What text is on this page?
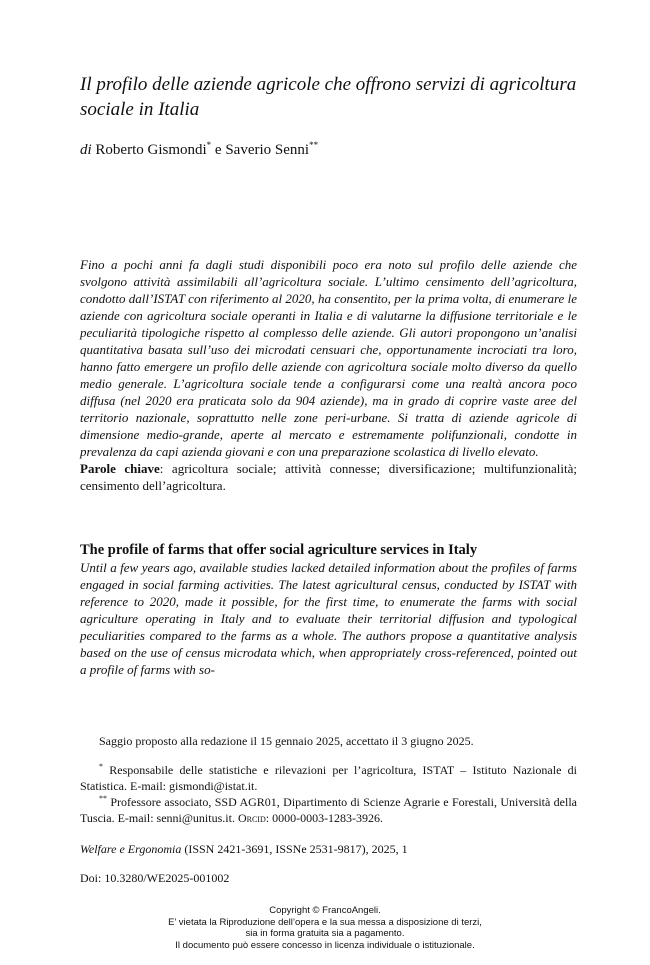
Il profilo delle aziende agricole che offrono servizi di agricoltura sociale in Italia
di Roberto Gismondi* e Saverio Senni**
Fino a pochi anni fa dagli studi disponibili poco era noto sul profilo delle aziende che svolgono attività assimilabili all’agricoltura sociale. L’ultimo censimento dell’agricoltura, condotto dall’ISTAT con riferimento al 2020, ha consentito, per la prima volta, di enumerare le aziende con agricoltura sociale operanti in Italia e di valutarne la diffusione territoriale e le peculiarità tipologiche rispetto al complesso delle aziende. Gli autori propongono un’analisi quantitativa basata sull’uso dei microdati censuari che, opportunamente incrociati tra loro, hanno fatto emergere un profilo delle aziende con agricoltura sociale molto diverso da quello medio generale. L’agricoltura sociale tende a configurarsi come una realtà ancora poco diffusa (nel 2020 era praticata solo da 904 aziende), ma in grado di coprire vaste aree del territorio nazionale, soprattutto nelle zone peri-urbane. Si tratta di aziende agricole di dimensione medio-grande, aperte al mercato e estremamente polifunzionali, condotte in prevalenza da capi azienda giovani e con una preparazione scolastica di livello elevato.
Parole chiave: agricoltura sociale; attività connesse; diversificazione; multifunzionalità; censimento dell’agricoltura.
The profile of farms that offer social agriculture services in Italy
Until a few years ago, available studies lacked detailed information about the profiles of farms engaged in social farming activities. The latest agricultural census, conducted by ISTAT with reference to 2020, made it possible, for the first time, to enumerate the farms with social agriculture operating in Italy and to evaluate their territorial diffusion and typological peculiarities compared to the farms as a whole. The authors propose a quantitative analysis based on the use of census microdata which, when appropriately cross-referenced, pointed out a profile of farms with so-
Saggio proposto alla redazione il 15 gennaio 2025, accettato il 3 giugno 2025.
* Responsabile delle statistiche e rilevazioni per l’agricoltura, ISTAT – Istituto Nazionale di Statistica. E-mail: gismondi@istat.it.
** Professore associato, SSD AGR01, Dipartimento di Scienze Agrarie e Forestali, Università della Tuscia. E-mail: senni@unitus.it. Orcid: 0000-0003-1283-3926.
Welfare e Ergonomia (ISSN 2421-3691, ISSNe 2531-9817), 2025, 1
Doi: 10.3280/WE2025-001002
Copyright © FrancoAngeli.
E’ vietata la Riproduzione dell’opera e la sua messa a disposizione di terzi,
sia in forma gratuita sia a pagamento.
Il documento può essere concesso in licenza individuale o istituzionale.
